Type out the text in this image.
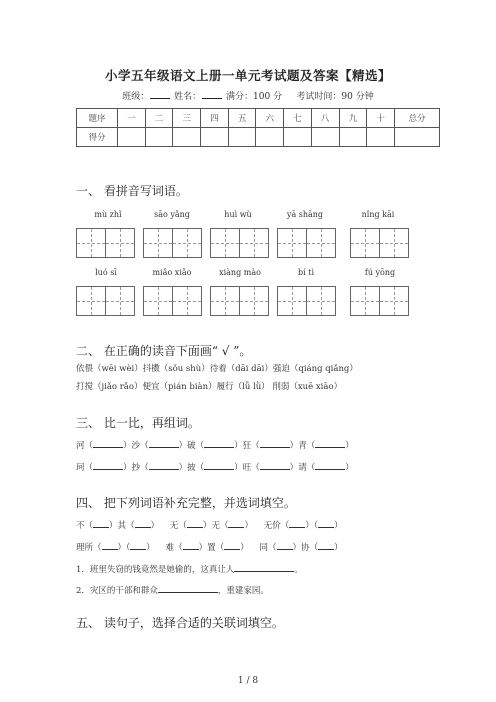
小学五年级语文上册一单元考试题及答案【精选】
班级：	姓名：	满分：100 分 考试时间：90 分钟
题序	一	二	三	四	五	六	七	八	九	十	总分
得分											
一、 看拼音写词语。
mù zhǐ	sāo yǎng	huì wù	yā shāng	nǐng kāi
luó sī	miǎo xiǎo	xiàng mào	bí tì	fú yōng
二、 在正确的读音下面画“ √ ”。
依偎（wēi wèi）抖擞（sǒu shù）待着（dāi dāi）强迫（qiáng qiǎng）
打搅（jiǎo rǎo）便宜（pián biàn）履行（lǚ lǜ） 削弱（xuē xiāo）
三、 比一比，再组词。
河（	）沙（	）破（	）狂（	）青（	）
珂（	）抄（	）披（	）旺（	）请（	）
四、 把下列词语补充完整，并选词填空。
不（ ）其（ ）    无（ ）无（ ）    无价（ ）（ ）
理所（ ）（ ）    难（ ）置（ ）    同（ ）协（ ）
1．班里失窃的钱竟然是她偷的，这真让人	。
2．灾区的干部和群众	，重建家园。
五、 读句子，选择合适的关联词填空。
1 / 8
